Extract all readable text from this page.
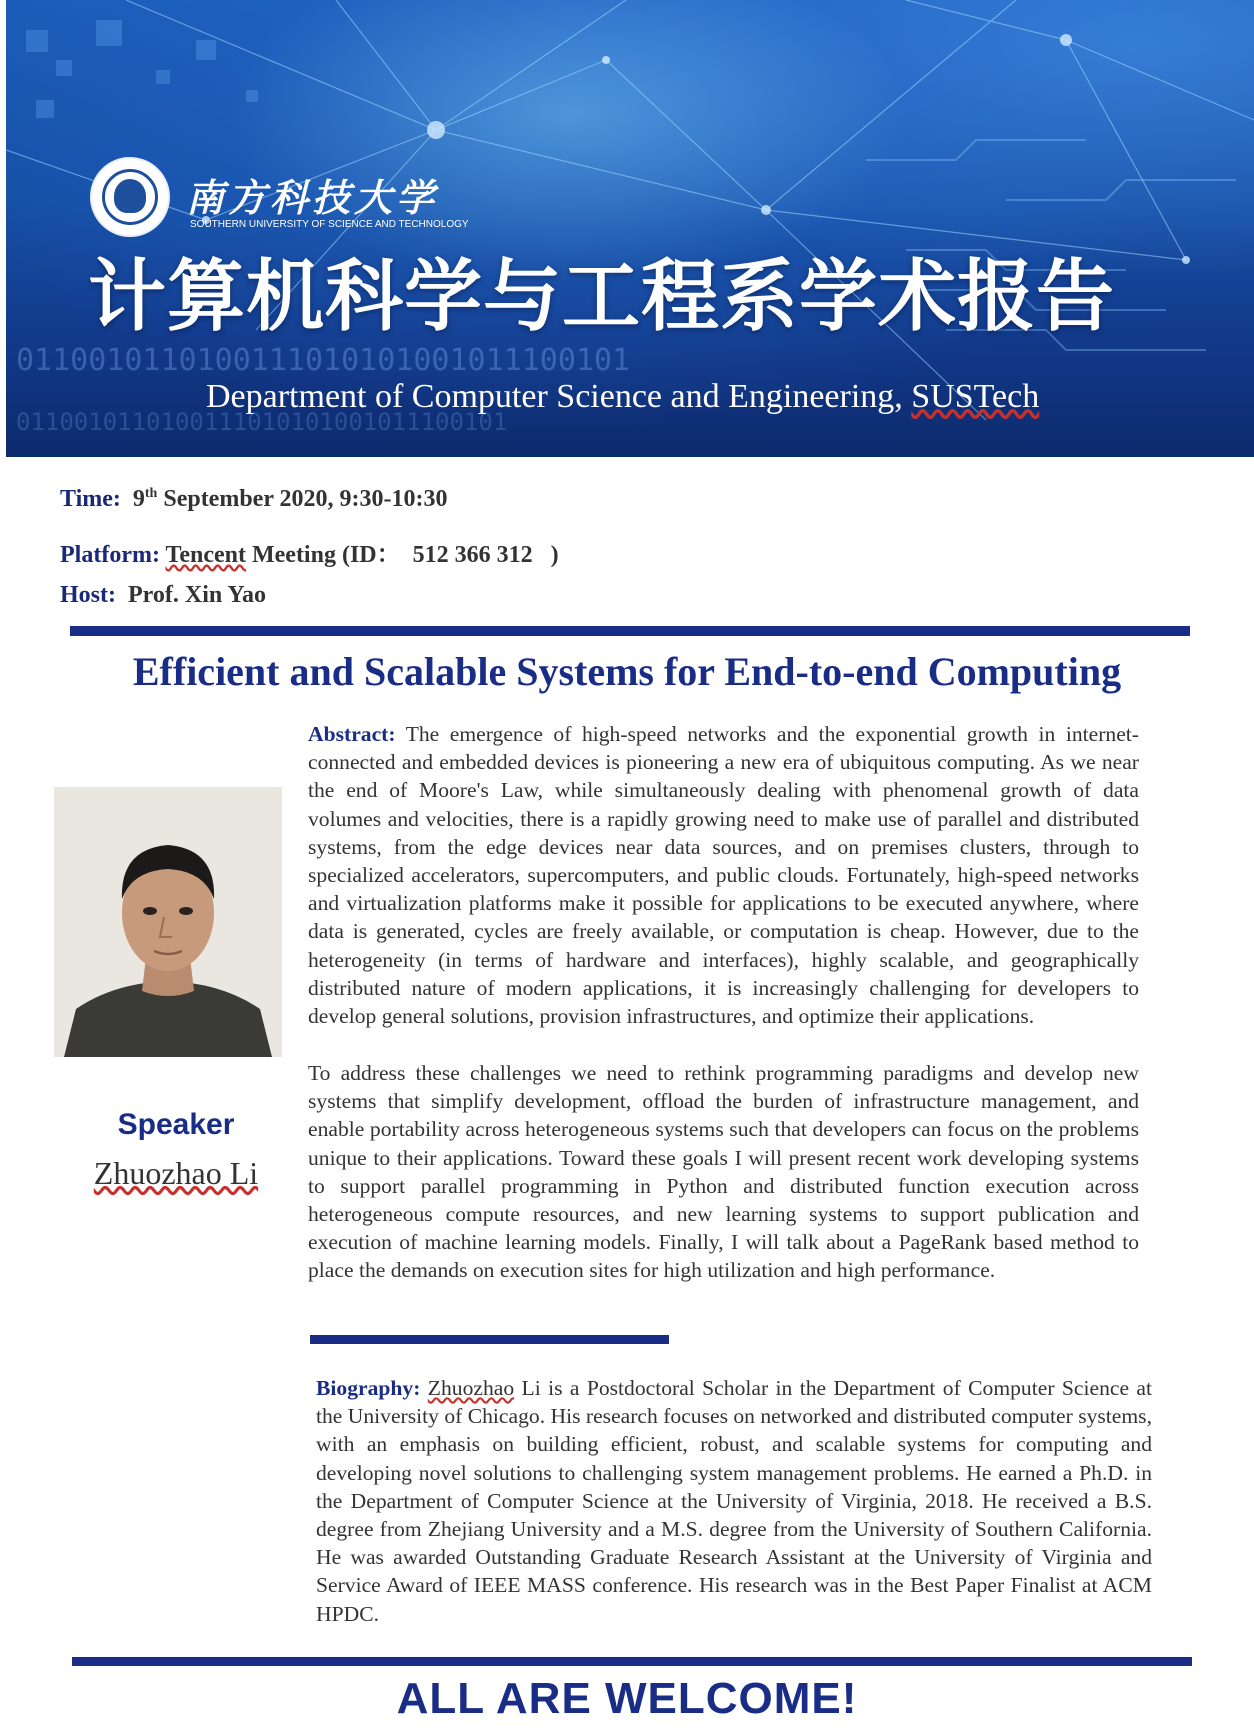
0110010110100111010101001011100101
0110010110100111010101001011100101
南方科技大学
SOUTHERN UNIVERSITY OF SCIENCE AND TECHNOLOGY
计算机科学与工程系学术报告
Department of Computer Science and Engineering, SUSTech
Time: 9th September 2020, 9:30-10:30
Platform: Tencent Meeting (ID：  512 366 312   )
Host: Prof. Xin Yao
Efficient and Scalable Systems for End-to-end Computing
Speaker
Zhuozhao Li
Abstract: The emergence of high-speed networks and the exponential growth in internet-connected and embedded devices is pioneering a new era of ubiquitous computing. As we near the end of Moore's Law, while simultaneously dealing with phenomenal growth of data volumes and velocities, there is a rapidly growing need to make use of parallel and distributed systems, from the edge devices near data sources, and on premises clusters, through to specialized accelerators, supercomputers, and public clouds. Fortunately, high-speed networks and virtualization platforms make it possible for applications to be executed anywhere, where data is generated, cycles are freely available, or computation is cheap. However, due to the heterogeneity (in terms of hardware and interfaces), highly scalable, and geographically distributed nature of modern applications, it is increasingly challenging for developers to develop general solutions, provision infrastructures, and optimize their applications.
To address these challenges we need to rethink programming paradigms and develop new systems that simplify development, offload the burden of infrastructure management, and enable portability across heterogeneous systems such that developers can focus on the problems unique to their applications. Toward these goals I will present recent work developing systems to support parallel programming in Python and distributed function execution across heterogeneous compute resources, and new learning systems to support publication and execution of machine learning models. Finally, I will talk about a PageRank based method to place the demands on execution sites for high utilization and high performance.
Biography: Zhuozhao Li is a Postdoctoral Scholar in the Department of Computer Science at the University of Chicago. His research focuses on networked and distributed computer systems, with an emphasis on building efficient, robust, and scalable systems for computing and developing novel solutions to challenging system management problems. He earned a Ph.D. in the Department of Computer Science at the University of Virginia, 2018. He received a B.S. degree from Zhejiang University and a M.S. degree from the University of Southern California. He was awarded Outstanding Graduate Research Assistant at the University of Virginia and Service Award of IEEE MASS conference. His research was in the Best Paper Finalist at ACM HPDC.
ALL ARE WELCOME!
